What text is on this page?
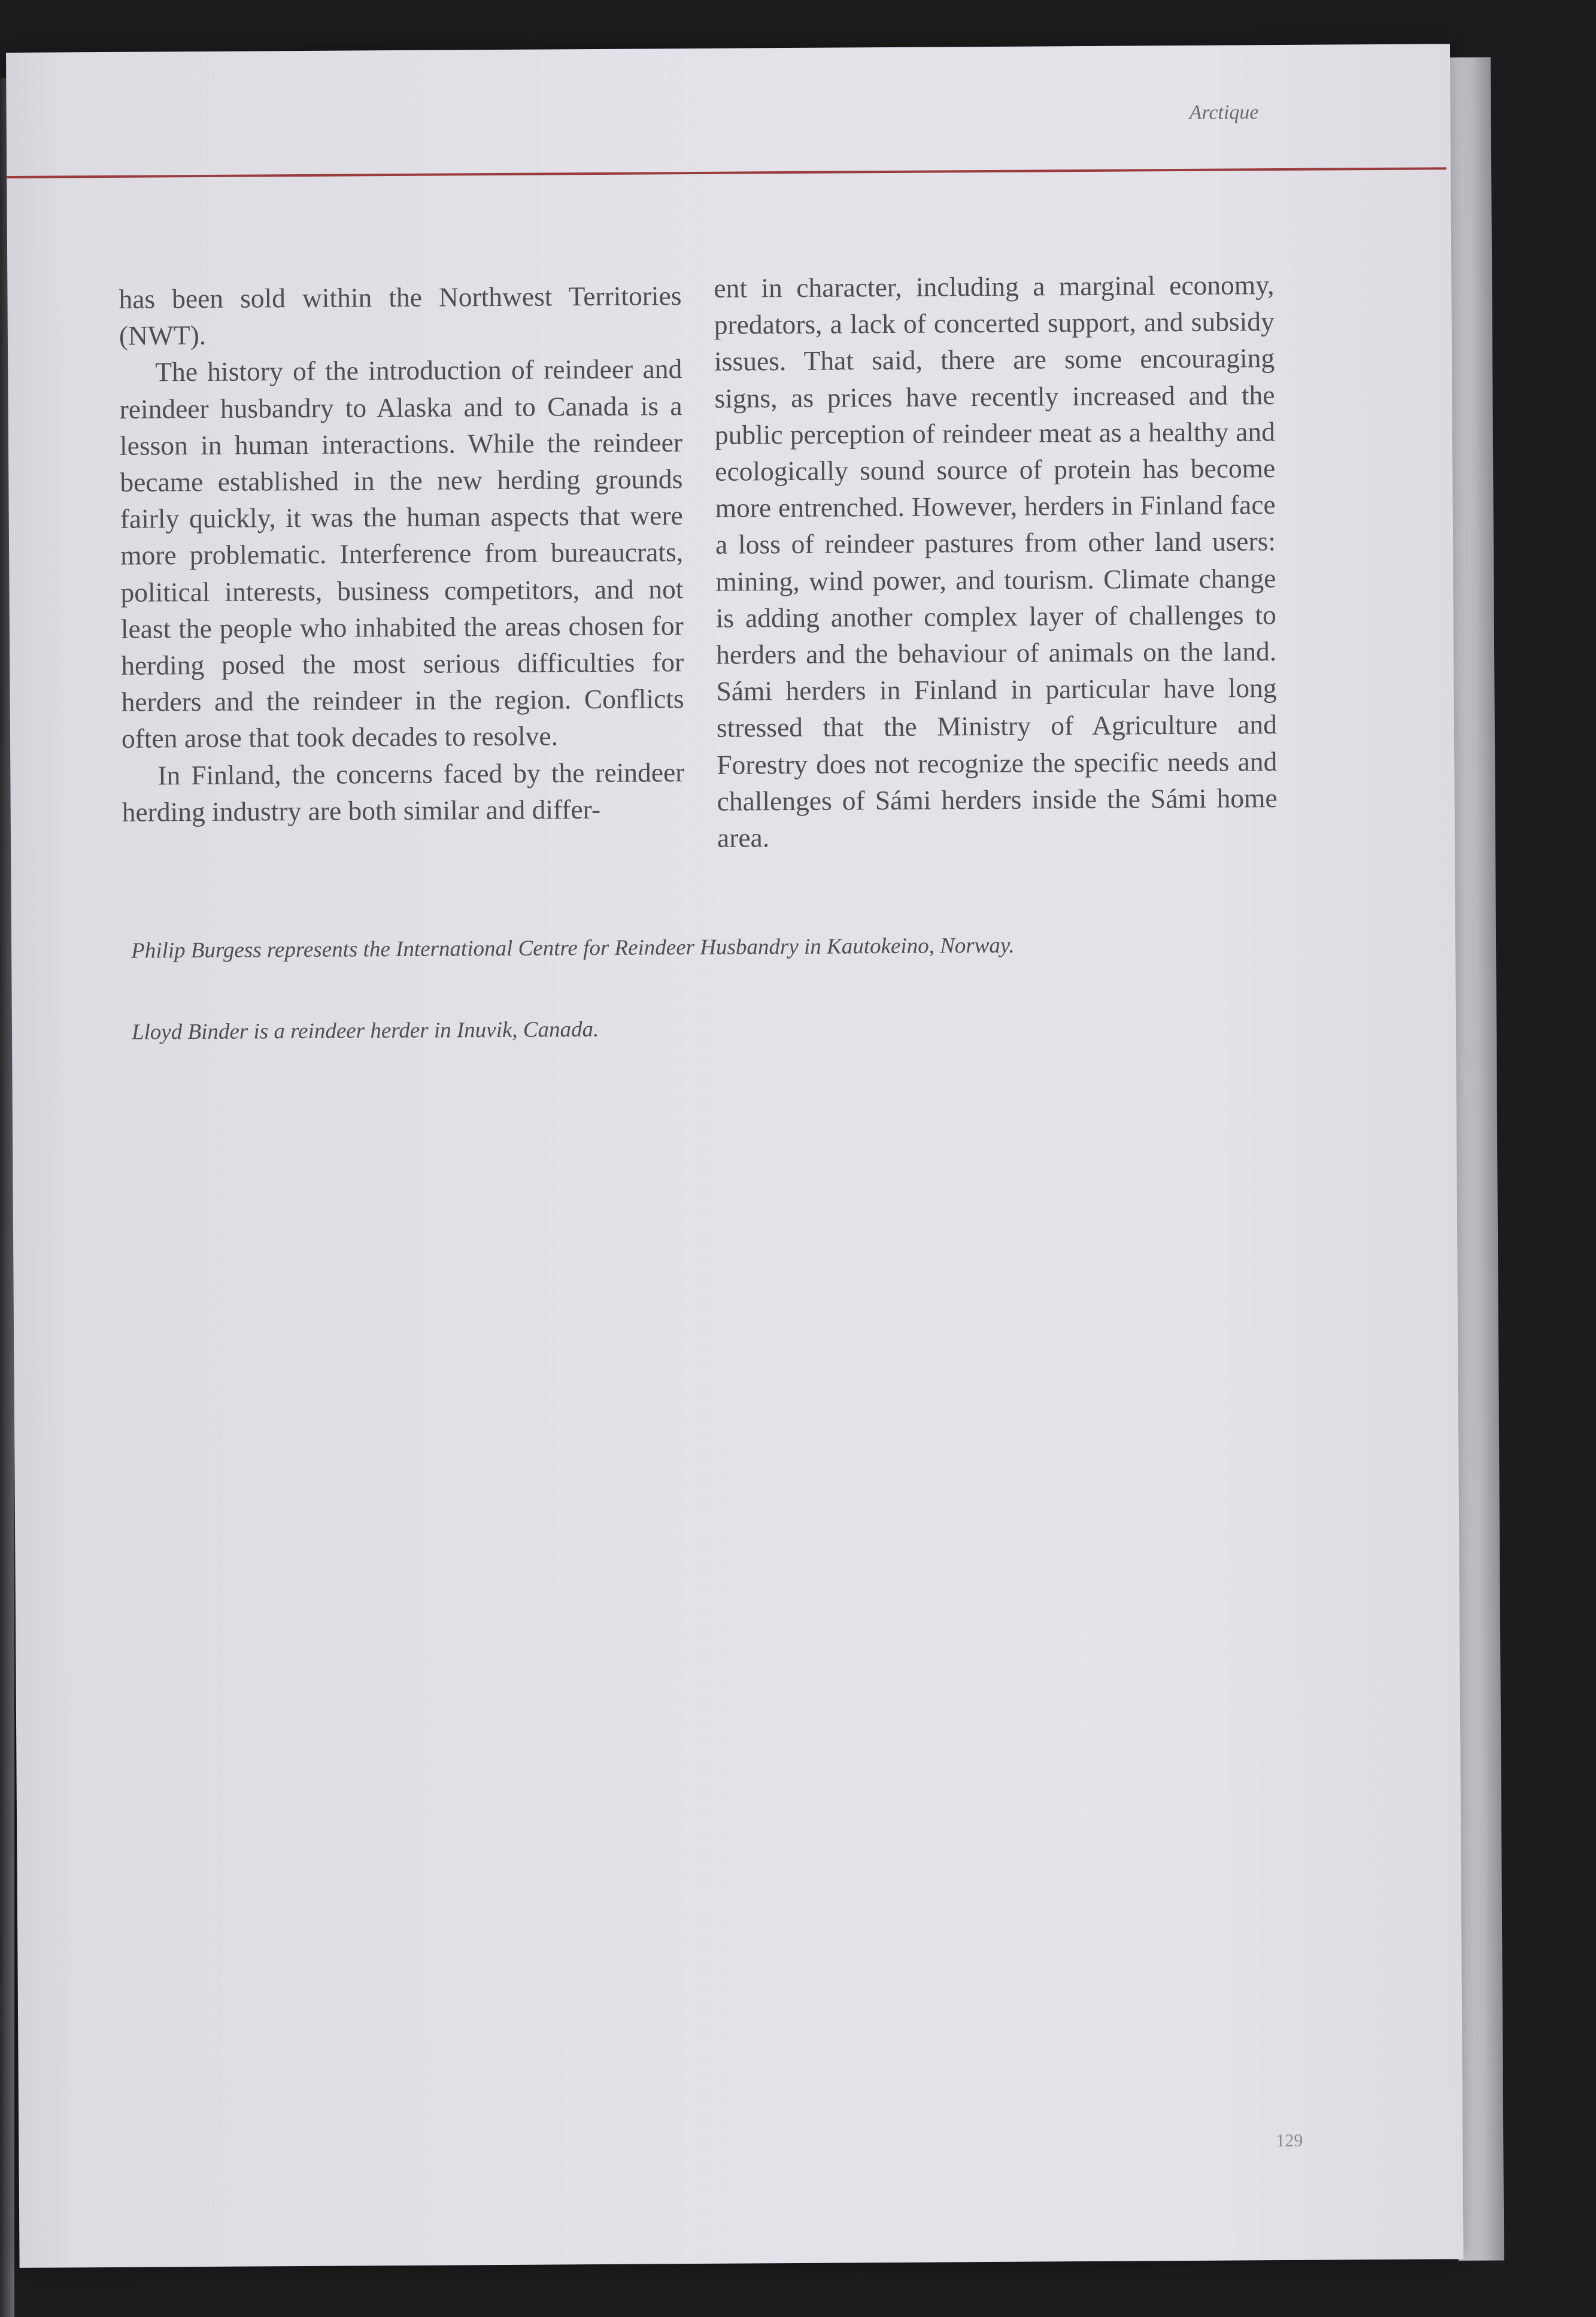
Arctique

has been sold within the Northwest Territories (NWT).

The history of the introduction of reindeer and reindeer husbandry to Alaska and to Canada is a lesson in human interactions. While the reindeer became established in the new herding grounds fairly quickly, it was the human aspects that were more problematic. Interference from bureaucrats, political interests, business competitors, and not least the people who inhabited the areas chosen for herding posed the most serious difficulties for herders and the reindeer in the region. Conflicts often arose that took decades to resolve.

In Finland, the concerns faced by the reindeer herding industry are both similar and differ-

ent in character, including a marginal economy, predators, a lack of concerted support, and subsidy issues. That said, there are some encouraging signs, as prices have recently increased and the public perception of reindeer meat as a healthy and ecologically sound source of protein has become more entrenched. However, herders in Finland face a loss of reindeer pastures from other land users: mining, wind power, and tourism. Climate change is adding another complex layer of challenges to herders and the behaviour of animals on the land. Sámi herders in Finland in particular have long stressed that the Ministry of Agriculture and Forestry does not recognize the specific needs and challenges of Sámi herders inside the Sámi home area.

Philip Burgess represents the International Centre for Reindeer Husbandry in Kautokeino, Norway.
Lloyd Binder is a reindeer herder in Inuvik, Canada.
129
